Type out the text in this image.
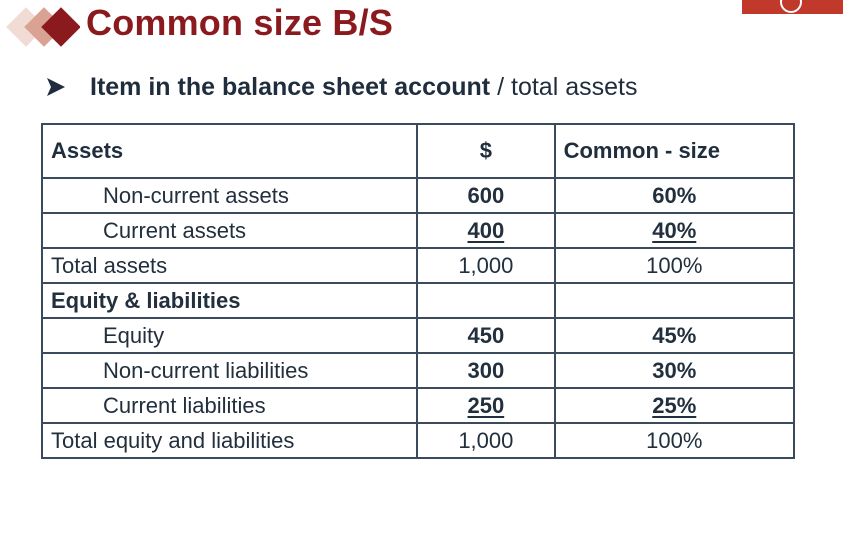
Common size B/S
Item in the balance sheet account / total assets
Assets	$	Common - size
Non-current assets	600	60%
Current assets	400	40%
Total assets	1,000	100%
Equity & liabilities		
Equity	450	45%
Non-current liabilities	300	30%
Current liabilities	250	25%
Total equity and liabilities	1,000	100%
